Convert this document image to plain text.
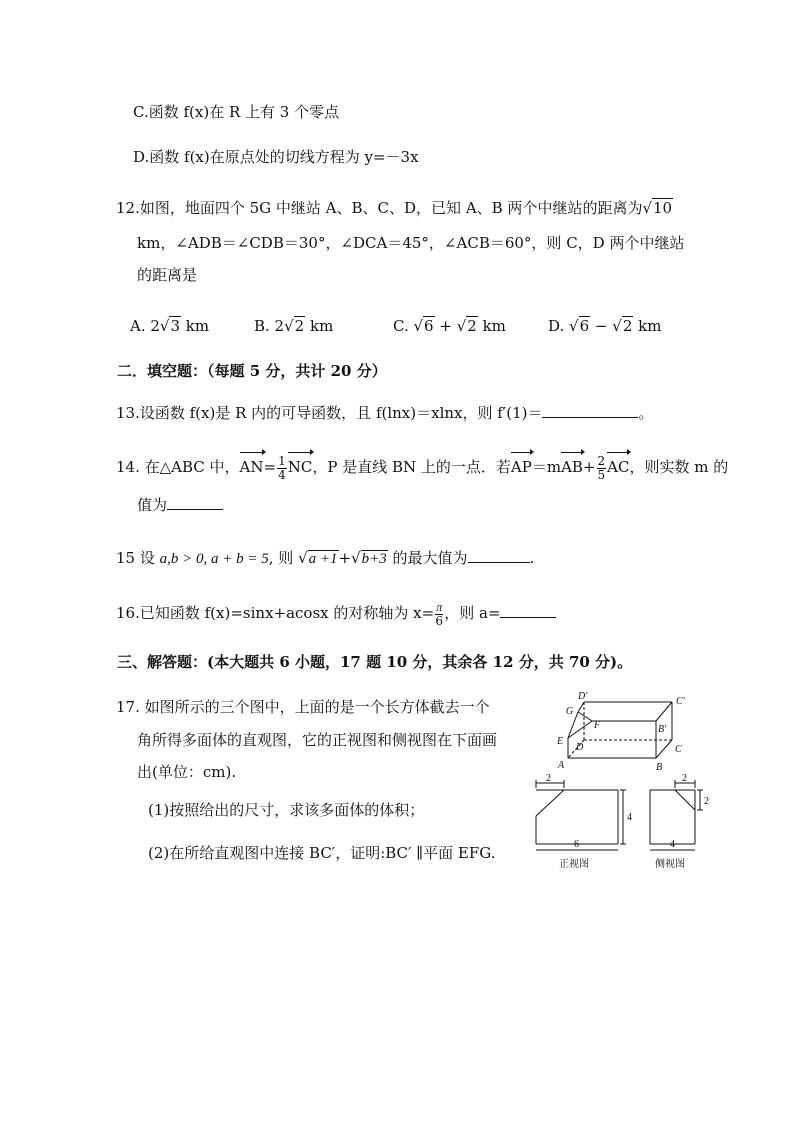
C.函数 f(x)在 R 上有 3 个零点
D.函数 f(x)在原点处的切线方程为 y=－3x
12.如图，地面四个 5G 中继站 A、B、C、D，已知 A、B 两个中继站的距离为√10
km，∠ADB＝∠CDB＝30°，∠DCA＝45°，∠ACB＝60°，则 C，D 两个中继站
的距离是
A. 2√3 km	B. 2√2 km	C. √6 + √2 km	D. √6 − √2 km
二．填空题：（每题 5 分，共计 20 分）
13.设函数 f(x)是 R 内的可导函数，且 f(lnx)＝xlnx，则 f′(1)＝	。
14. 在△ABC 中，$AN= \frac{1}{4}$ NC，P 是直线 BN 上的一点．若$AP=mAB+ \frac{2}{5}$ AC，则实数 m 的
值为
15 设 a,b > 0, a + b = 5, 则 √a +1+√b+3 的最大值为	.
16.已知函数 f(x)=sinx+acosx 的对称轴为 $x= \frac{\pi}{6}$ ，则 a=
三、解答题：(本大题共 6 小题，17 题 10 分，其余各 12 分，共 70 分)。
17. 如图所示的三个图中，上面的是一个长方体截去一个
角所得多面体的直观图，它的正视图和侧视图在下面画
出(单位：cm).
(1)按照给出的尺寸，求该多面体的体积；
(2)在所给直观图中连接 BC′，证明:BC′ ∥平面 EFG.
D′	C′
G
F	B′
E
D	C
A	B
2
4
6
正视图
2
2
4
侧视图
